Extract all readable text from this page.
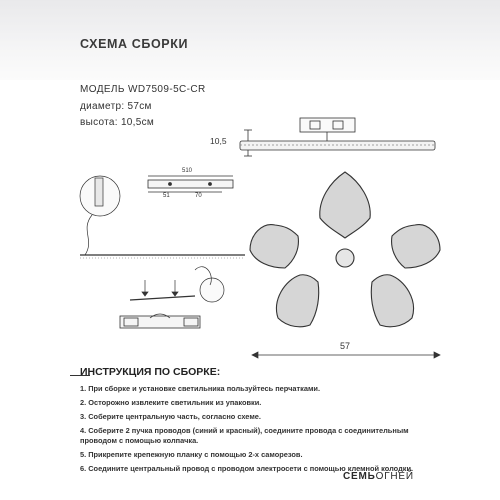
СХЕМА СБОРКИ
МОДЕЛЬ WD7509-5C-CR
диаметр: 57см
высота: 10,5см
10,5
510
51	70
57
ИНСТРУКЦИЯ ПО СБОРКЕ:
1. При сборке и установке светильника пользуйтесь перчатками.
2. Осторожно извлеките светильник из упаковки.
3. Соберите центральную часть, согласно схеме.
4. Соберите 2 пучка проводов (синий и красный), соедините провода с соединительным
проводом с помощью колпачка.
5. Прикрепите крепежную планку с помощью 2-х саморезов.
6. Соедините центральный провод с проводом электросети с помощью клемной колодки.
СЕМЬОГНЕЙ
